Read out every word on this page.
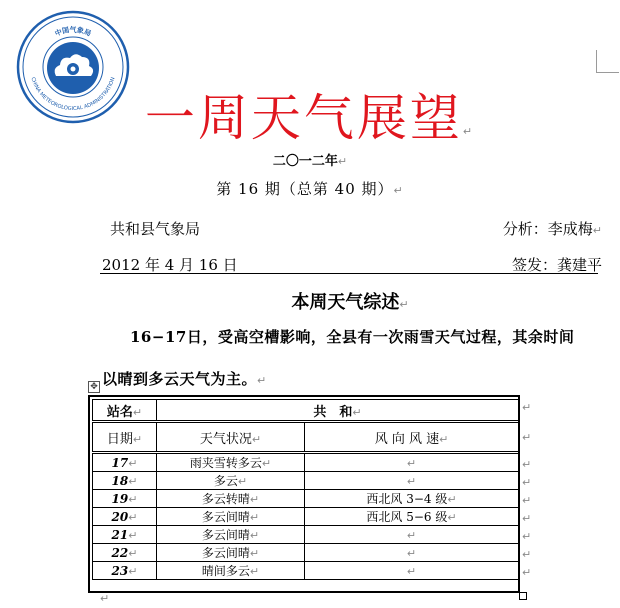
中国气象局
CHINA METEOROLOGICAL ADMINISTRATION
一周天气展望↵
二〇一二年↵
第 16 期（总第 40 期）↵
共和县气象局	分析：李成梅↵
2012 年 4 月 16 日	签发：龚建平
本周天气综述↵
16−17日，受高空槽影响，全县有一次雨雪天气过程，其余时间
以晴到多云天气为主。↵
✥
站名↵	共　和↵	
日期↵	天气状况↵	风 向 风 速↵
17↵	雨夹雪转多云↵	↵
18↵	多云↵	↵
19↵	多云转晴↵	西北风 3−4 级↵
20↵	多云间晴↵	西北风 5−6 级↵
21↵	多云间晴↵	↵
22↵	多云间晴↵	↵
23↵	晴间多云↵	↵
↵
↵
↵
↵
↵
↵
↵
↵
↵
↵
